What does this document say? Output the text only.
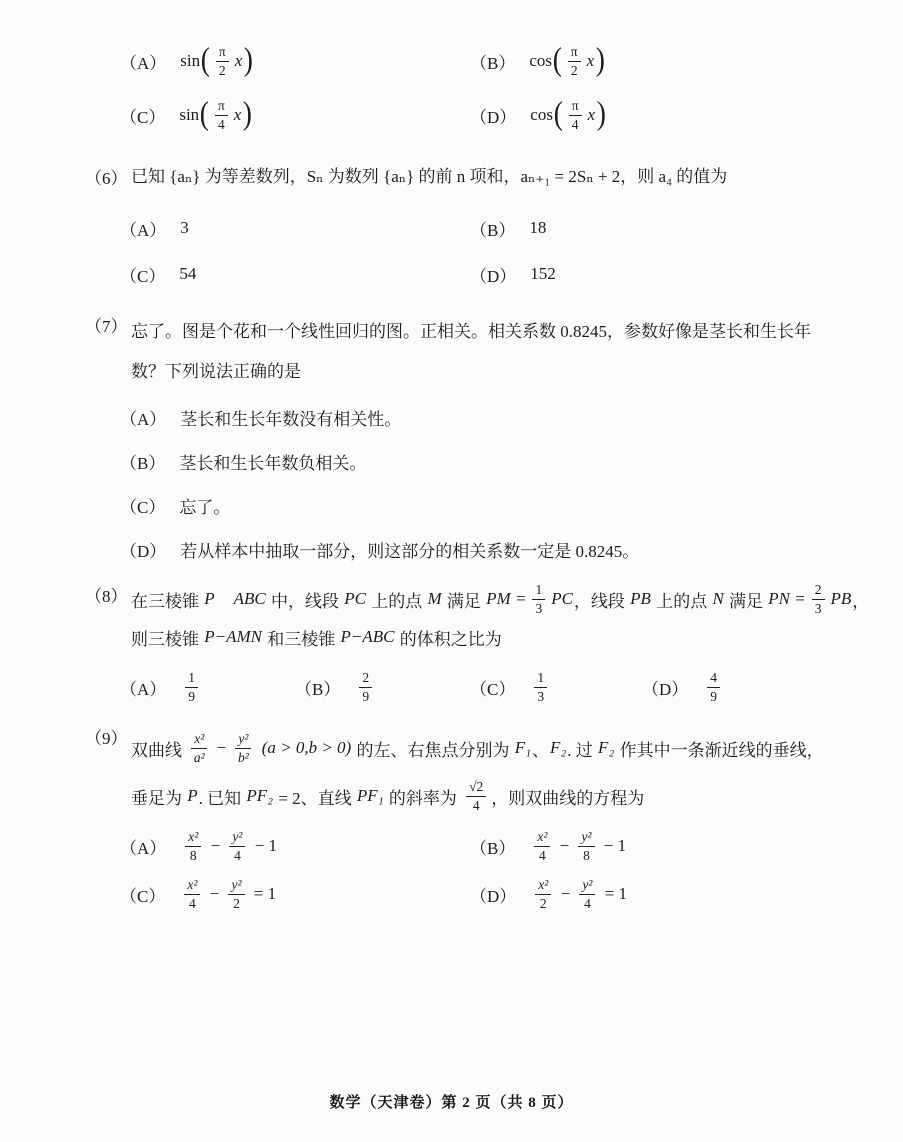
（A） sin ( $\frac{\pi}{2}$ x )	（B） cos ( $\frac{\pi}{2}$ x )
（C） sin ( $\frac{\pi}{4}$ x )	（D） cos ( $\frac{\pi}{4}$ x )
（6） 已知 {aₙ} 为等差数列，Sₙ 为数列 {aₙ} 的前 n 项和，aₙ₊₁ = 2Sₙ + 2，则 a₄ 的值为
（A） 3	（B） 18
（C） 54	（D） 152
（7） 忘了。图是个花和一个线性回归的图。正相关。相关系数 0.8245，参数好像是茎长和生长年数？下列说法正确的是
（A） 茎长和生长年数没有相关性。
（B） 茎长和生长年数负相关。
（C） 忘了。
（D） 若从样本中抽取一部分，则这部分的相关系数一定是 0.8245。
（8） 在三棱锥 P
　 ABC 中，线段 PC 上的点 M 满足 PM = $\frac{1}{3}$ PC ，线段 PB 上的点 N 满足 PN = $\frac{2}{3}$ PB ，
则三棱锥 P−AMN 和三棱锥 P−ABC 的体积之比为
$(A) \frac{1}{9}$	$(B) \frac{2}{9}$	$(C) \frac{1}{3}$	$(D) \frac{4}{9}$
（9）
双曲线 $\frac{\text{x²}}{\text{a²}} - \frac{\text{y²}}{\text{b²}}$
(a > 0,b > 0) 的左、右焦点分别为 F₁ 、 F₂ . 过 F₂ 作其中一条渐近线的垂线，
垂足为 P . 已知 PF₂ = 2、直线 PF₁ 的斜率为 $\frac{√2}{4}$ ，则双曲线的方程为
$(A) \frac{\text{x²}}{8} - \frac{\text{y²}}{4} - 1$	$(B) \frac{\text{x²}}{4} - \frac{\text{y²}}{8} - 1$
$(C) \frac{\text{x²}}{4} - \frac{\text{y²}}{2} = 1$	$(D) \frac{\text{x²}}{2} - \frac{\text{y²}}{4} = 1$
数学（天津卷）第 2 页（共 8 页）
